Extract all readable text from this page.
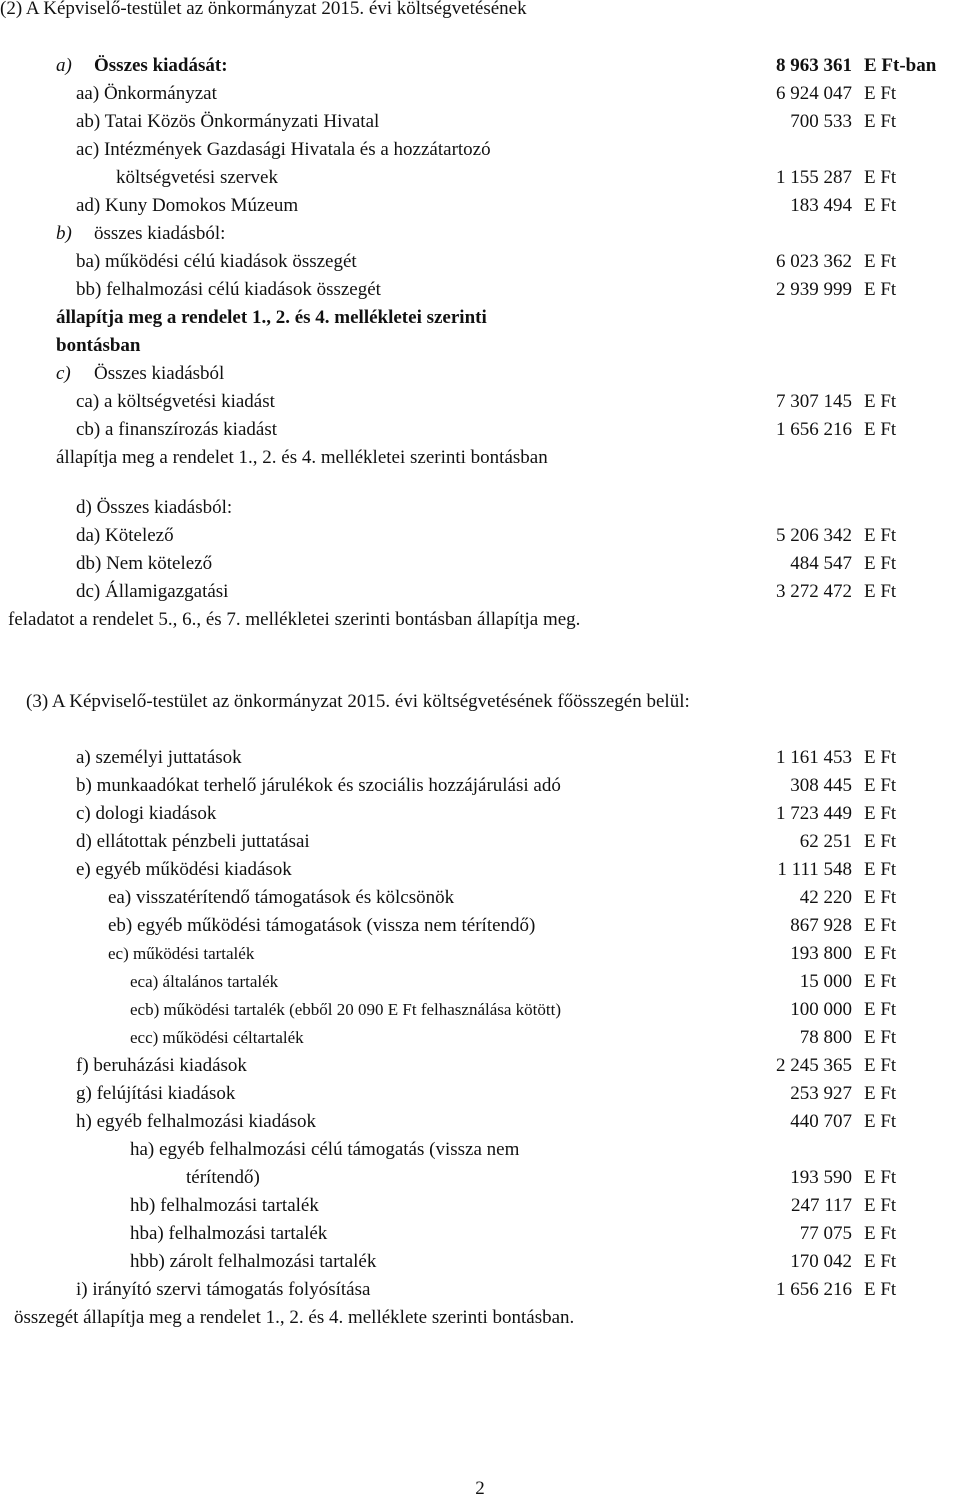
(2) A Képviselő-testület az önkormányzat 2015. évi költségvetésének
a) Összes kiadását:	8 963 361 E Ft-ban
aa) Önkormányzat	6 924 047 E Ft
ab) Tatai Közös Önkormányzati Hivatal	700 533 E Ft
ac) Intézmények Gazdasági Hivatala és a hozzátartozó
költségvetési szervek	1 155 287 E Ft
ad) Kuny Domokos Múzeum	183 494 E Ft
b) összes kiadásból:
ba) működési célú kiadások összegét	6 023 362 E Ft
bb) felhalmozási célú kiadások összegét	2 939 999 E Ft
állapítja meg a rendelet 1., 2. és 4. mellékletei szerinti
bontásban
c) Összes kiadásból
ca) a költségvetési kiadást	7 307 145 E Ft
cb) a finanszírozás kiadást	1 656 216 E Ft
állapítja meg a rendelet 1., 2. és 4. mellékletei szerinti bontásban
d) Összes kiadásból:
da) Kötelező	5 206 342 E Ft
db) Nem kötelező	484 547 E Ft
dc) Államigazgatási	3 272 472 E Ft
feladatot a rendelet 5., 6., és 7. mellékletei szerinti bontásban állapítja meg.
(3) A Képviselő-testület az önkormányzat 2015. évi költségvetésének főösszegén belül:
a) személyi juttatások	1 161 453 E Ft
b) munkaadókat terhelő járulékok és szociális hozzájárulási adó	308 445 E Ft
c) dologi kiadások	1 723 449 E Ft
d) ellátottak pénzbeli juttatásai	62 251 E Ft
e) egyéb működési kiadások	1 111 548 E Ft
ea) visszatérítendő támogatások és kölcsönök	42 220 E Ft
eb) egyéb működési támogatások (vissza nem térítendő)	867 928 E Ft
ec) működési tartalék	193 800 E Ft
eca) általános tartalék	15 000 E Ft
ecb) működési tartalék (ebből 20 090 E Ft felhasználása kötött)	100 000 E Ft
ecc) működési céltartalék	78 800 E Ft
f) beruházási kiadások	2 245 365 E Ft
g) felújítási kiadások	253 927 E Ft
h) egyéb felhalmozási kiadások	440 707 E Ft
ha) egyéb felhalmozási célú támogatás (vissza nem
térítendő)	193 590 E Ft
hb) felhalmozási tartalék	247 117 E Ft
hba) felhalmozási tartalék	77 075 E Ft
hbb) zárolt felhalmozási tartalék	170 042 E Ft
i) irányító szervi támogatás folyósítása	1 656 216 E Ft
összegét állapítja meg a rendelet 1., 2. és 4. melléklete szerinti bontásban.
2
